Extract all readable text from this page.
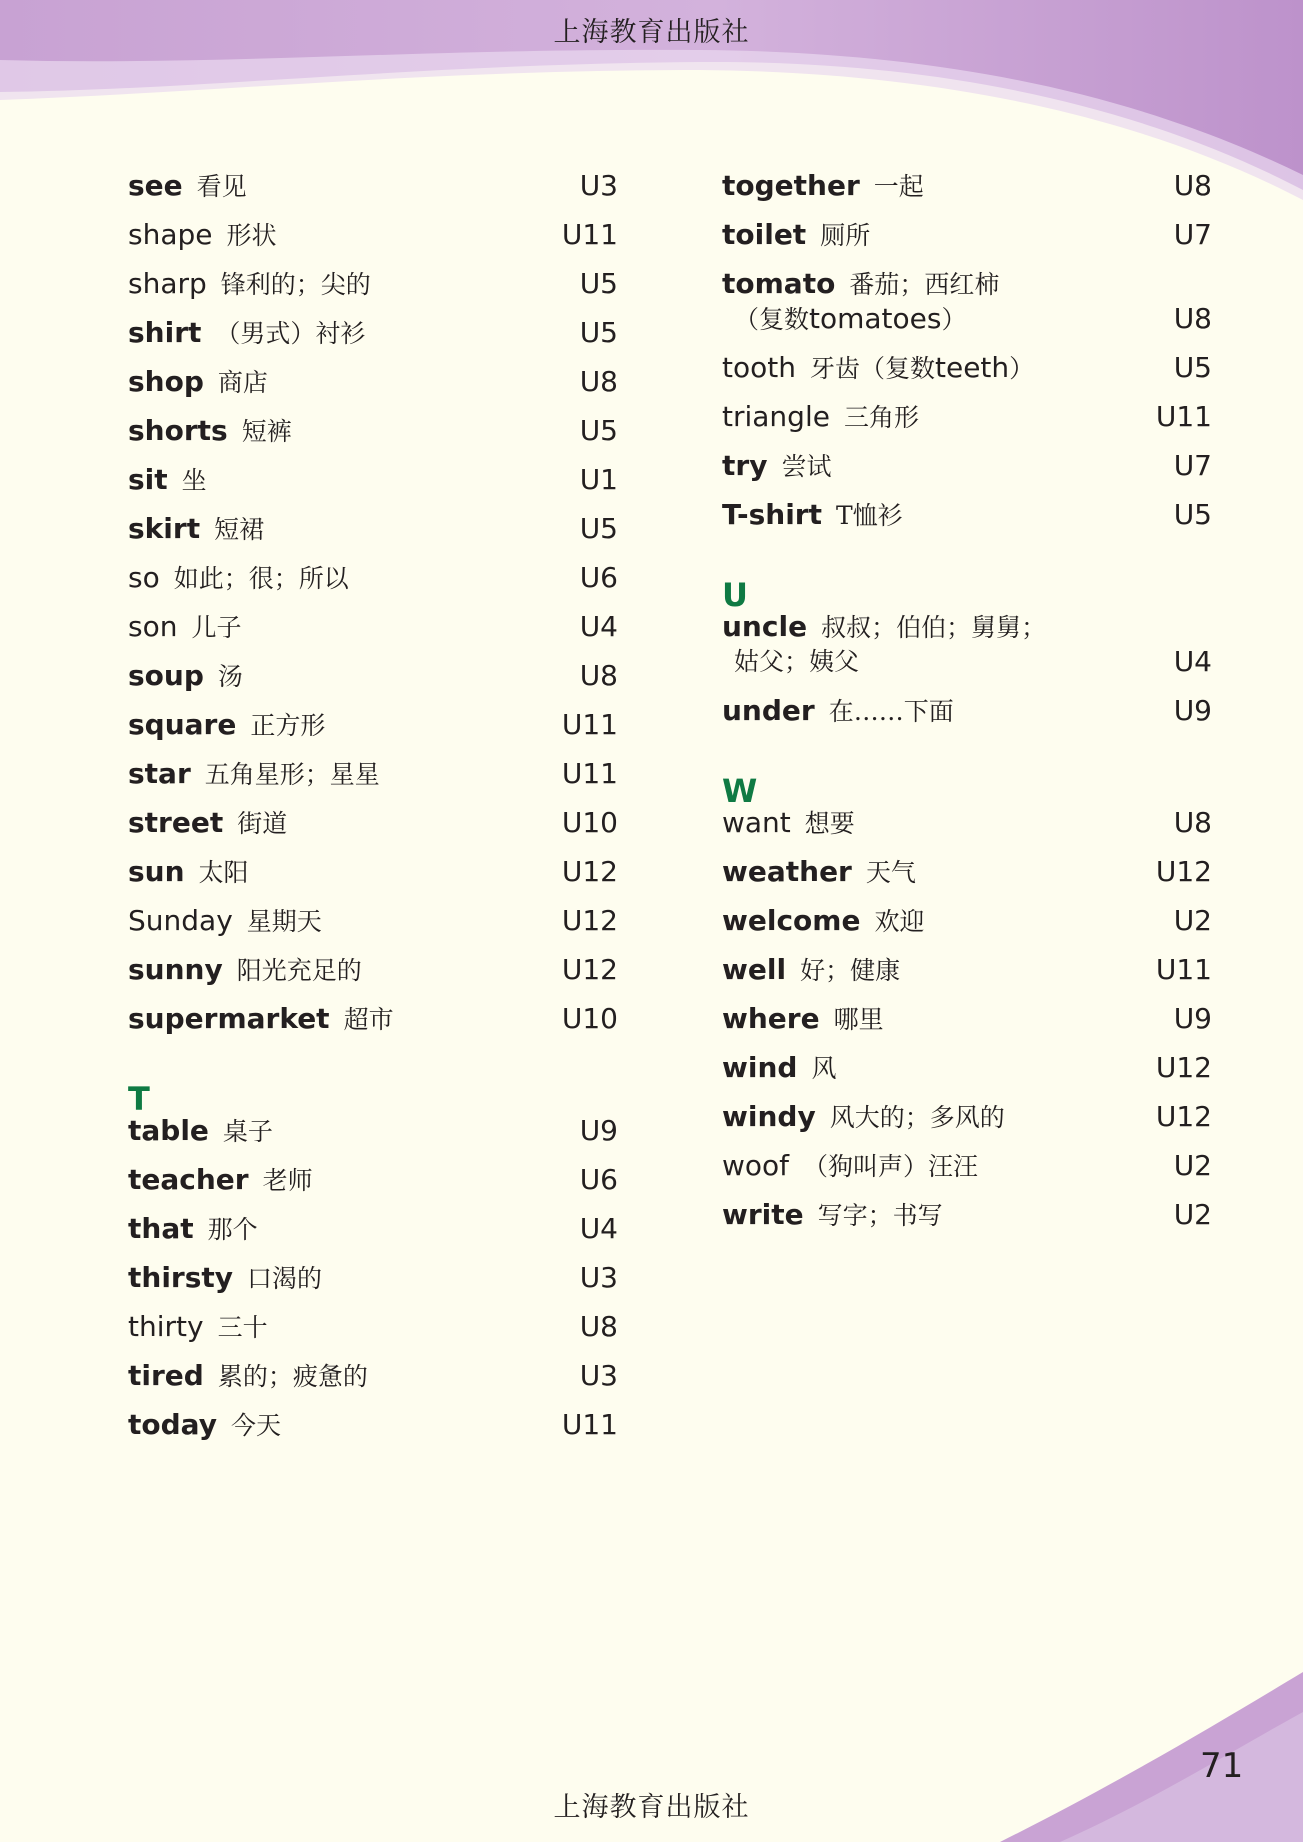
上海教育出版社
see 看见	U3
shape 形状	U11
sharp 锋利的；尖的	U5
shirt （男式）衬衫	U5
shop 商店	U8
shorts 短裤	U5
sit 坐	U1
skirt 短裙	U5
so 如此；很；所以	U6
son 儿子	U4
soup 汤	U8
square 正方形	U11
star 五角星形；星星	U11
street 街道	U10
sun 太阳	U12
Sunday 星期天	U12
sunny 阳光充足的	U12
supermarket 超市	U10
T
table 桌子	U9
teacher 老师	U6
that 那个	U4
thirsty 口渴的	U3
thirty 三十	U8
tired 累的；疲惫的	U3
today 今天	U11
together 一起	U8
toilet 厕所	U7
tomato 番茄；西红柿
（复数tomatoes）	U8
tooth 牙齿（复数teeth）	U5
triangle 三角形	U11
try 尝试	U7
T-shirt T恤衫	U5
U
uncle 叔叔；伯伯；舅舅；
姑父；姨父	U4
under 在……下面	U9
W
want 想要	U8
weather 天气	U12
welcome 欢迎	U2
well 好；健康	U11
where 哪里	U9
wind 风	U12
windy 风大的；多风的	U12
woof （狗叫声）汪汪	U2
write 写字；书写	U2
71
上海教育出版社
